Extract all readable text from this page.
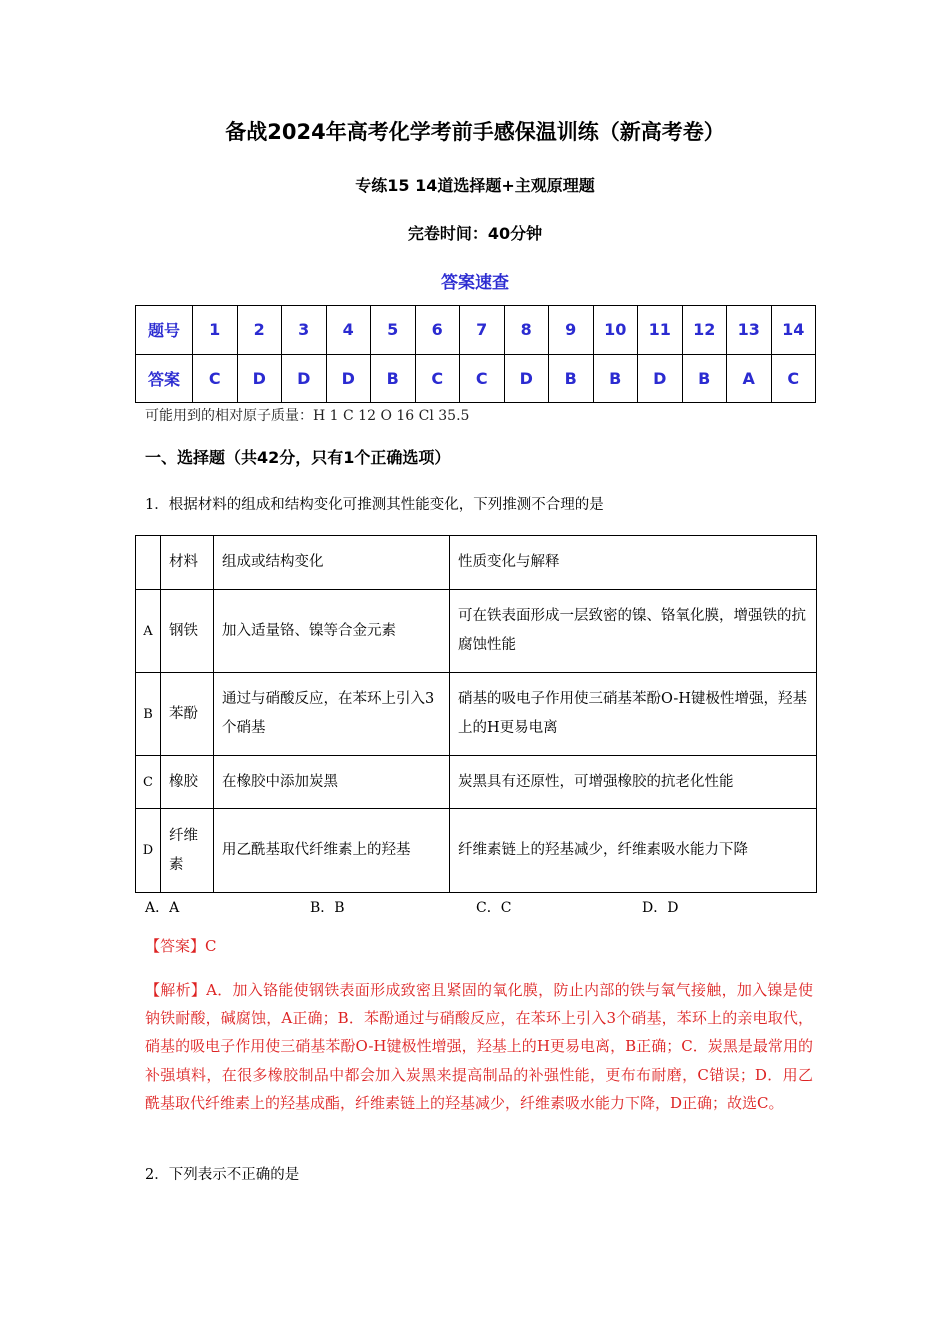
备战2024年高考化学考前手感保温训练（新高考卷）
专练15 14道选择题+主观原理题
完卷时间：40分钟
答案速查
题号	1	2	3	4	5	6	7	8	9	10	11	12	13	14
答案	C	D	D	D	B	C	C	D	B	B	D	B	A	C
可能用到的相对原子质量：H 1 C 12 O 16 Cl 35.5
一、选择题（共42分，只有1个正确选项）
1．根据材料的组成和结构变化可推测其性能变化，下列推测不合理的是
	材料	组成或结构变化	性质变化与解释
A	钢铁	加入适量铬、镍等合金元素	可在铁表面形成一层致密的镍、铬氧化膜，增强铁的抗腐蚀性能
B	苯酚	通过与硝酸反应，在苯环上引入3个硝基	硝基的吸电子作用使三硝基苯酚O-H键极性增强，羟基上的H更易电离
C	橡胶	在橡胶中添加炭黑	炭黑具有还原性，可增强橡胶的抗老化性能
D	纤维素	用乙酰基取代纤维素上的羟基	纤维素链上的羟基减少，纤维素吸水能力下降
A．A	B．B	C．C	D．D
【答案】C
【解析】A．加入铬能使钢铁表面形成致密且紧固的氧化膜，防止内部的铁与氧气接触，加入镍是使钠铁耐酸，碱腐蚀，A正确；B．苯酚通过与硝酸反应，在苯环上引入3个硝基，苯环上的亲电取代，硝基的吸电子作用使三硝基苯酚O-H键极性增强，羟基上的H更易电离，B正确；C．炭黑是最常用的补强填料，在很多橡胶制品中都会加入炭黑来提高制品的补强性能，更布布耐磨，C错误；D．用乙酰基取代纤维素上的羟基成酯，纤维素链上的羟基减少，纤维素吸水能力下降，D正确；故选C。
2．下列表示不正确的是
